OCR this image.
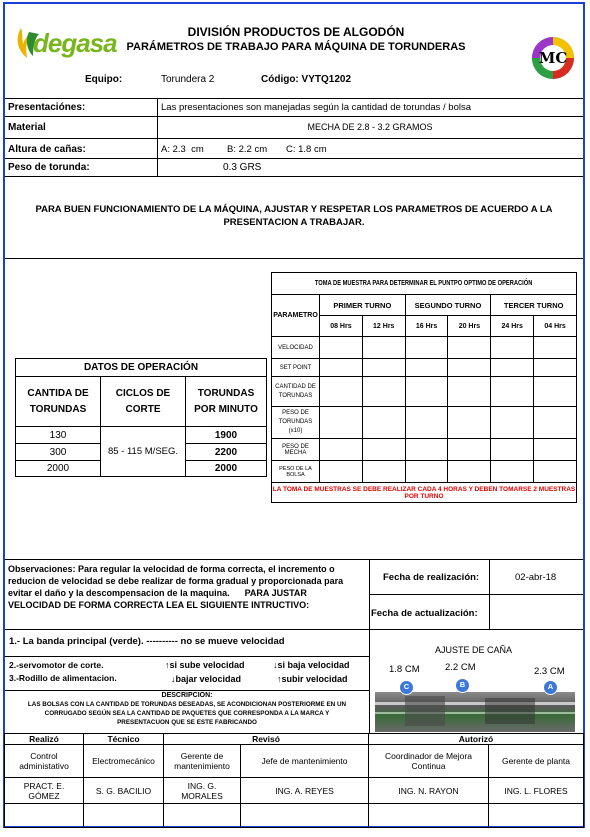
degasa	DIVISIÓN PRODUCTOS DE ALGODÓN
PARÁMETROS DE TRABAJO PARA MÁQUINA DE TORUNDERAS
Equipo:	Torundera 2	Código: VYTQ1202
MC
Presentaciónes:	Las presentaciones son manejadas según la cantidad de torundas / bolsa
Material	MECHA DE 2.8 - 3.2 GRAMOS
Altura de cañas:	A: 2.3  cm B: 2.2 cm C: 1.8 cm
Peso de torunda:	0.3 GRS
PARA BUEN FUNCIONAMIENTO DE LA MÁQUINA, AJUSTAR Y RESPETAR LOS PARAMETROS DE ACUERDO A LA
PRESENTACION A TRABAJAR.
DATOS DE OPERACIÓN		
CANTIDA DE
TORUNDAS	CICLOS DE
CORTE	TORUNDAS
POR MINUTO
130	85 - 115 M/SEG.	1900
300		2200
2000		2000
TOMA DE MUESTRA PARA DETERMINAR EL PUNTPO OPTIMO DE OPERACIÓN						
PARAMETRO	PRIMER TURNO		SEGUNDO TURNO		TERCER TURNO	
	08 Hrs	12 Hrs	16 Hrs	20 Hrs	24 Hrs	04 Hrs
VELOCIDAD						
SET POINT						
CANTIDAD DE
TORUNDAS						
PESO DE
TORUNDAS (x10)						
PESO DE MECHA						
PESO DE LA BOLSA						
LA TOMA DE MUESTRAS SE DEBE REALIZAR CADA 4 HORAS Y DEBEN TOMARSE 2 MUESTRAS POR TURNO						
Observaciones: Para regular la velocidad de forma correcta, el incremento o
reducion de velocidad se debe realizar de forma gradual y proporcionada para
evitar el daño y la descompensacion de la maquina.      PARA JUSTAR
VELOCIDAD DE FORMA CORRECTA LEA EL SIGUIENTE INTRUCTIVO:
Fecha de realización:	02-abr-18
Fecha de actualización:
1.- La banda principal (verde). ---------- no se mueve velocidad
2.-servomotor de corte.
3.-Rodillo de alimentacion.
↑si sube velocidad	↓si baja velocidad
↓bajar velocidad	↑subir velocidad
DESCRIPCIÓN:
LAS BOLSAS CON LA CANTIDAD DE TORUNDAS DESEADAS, SE ACONDICIONAN POSTERIORME EN UN
CORRUGADO SEGÚN SEA LA CANTIDAD DE PAQUETES QUE CORRESPONDA A LA MARCA Y
PRESENTACUON QUE SE ESTE FABRICANDO
AJUSTE DE CAÑA
1.8 CM	2.2 CM	2.3 CM
C	B	A
Realizó	Técnico	Revisó		Autorizó	
Control administativo	Electromecánico	Gerente de mantenimiento	Jefe de mantenimiento	Coordinador de Mejora Continua	Gerente de planta
PRACT. E. GÓMEZ	S. G. BACILIO	ING. G. MORALES	ING. A. REYES	ING. N. RAYON	ING. L. FLORES
